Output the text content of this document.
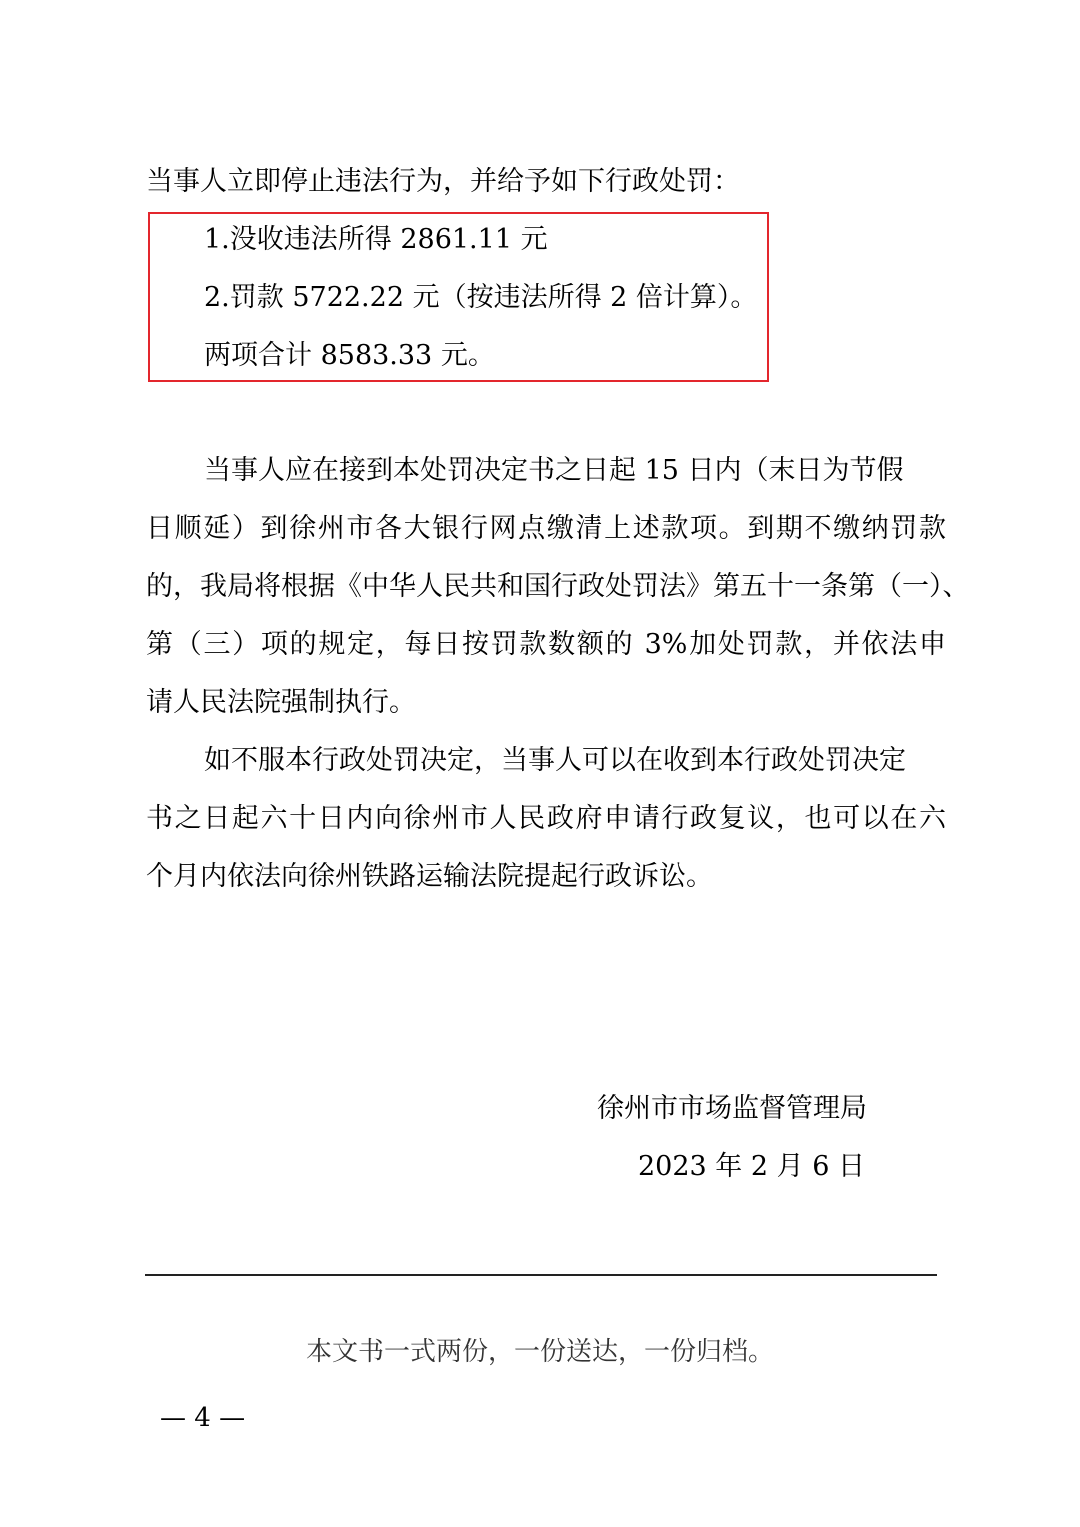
当事人立即停止违法行为，并给予如下行政处罚：
1.没收违法所得 2861.11 元
2.罚款 5722.22 元（按违法所得 2 倍计算）。
两项合计 8583.33 元。
当事人应在接到本处罚决定书之日起 15 日内（末日为节假
日顺延）到徐州市各大银行网点缴清上述款项。到期不缴纳罚款
的，我局将根据《中华人民共和国行政处罚法》第五十一条第（一）、
第（三）项的规定，每日按罚款数额的 3%加处罚款，并依法申
请人民法院强制执行。
如不服本行政处罚决定，当事人可以在收到本行政处罚决定
书之日起六十日内向徐州市人民政府申请行政复议，也可以在六
个月内依法向徐州铁路运输法院提起行政诉讼。
徐州市市场监督管理局
2023 年 2 月 6 日
本文书一式两份，一份送达，一份归档。
— 4 —
